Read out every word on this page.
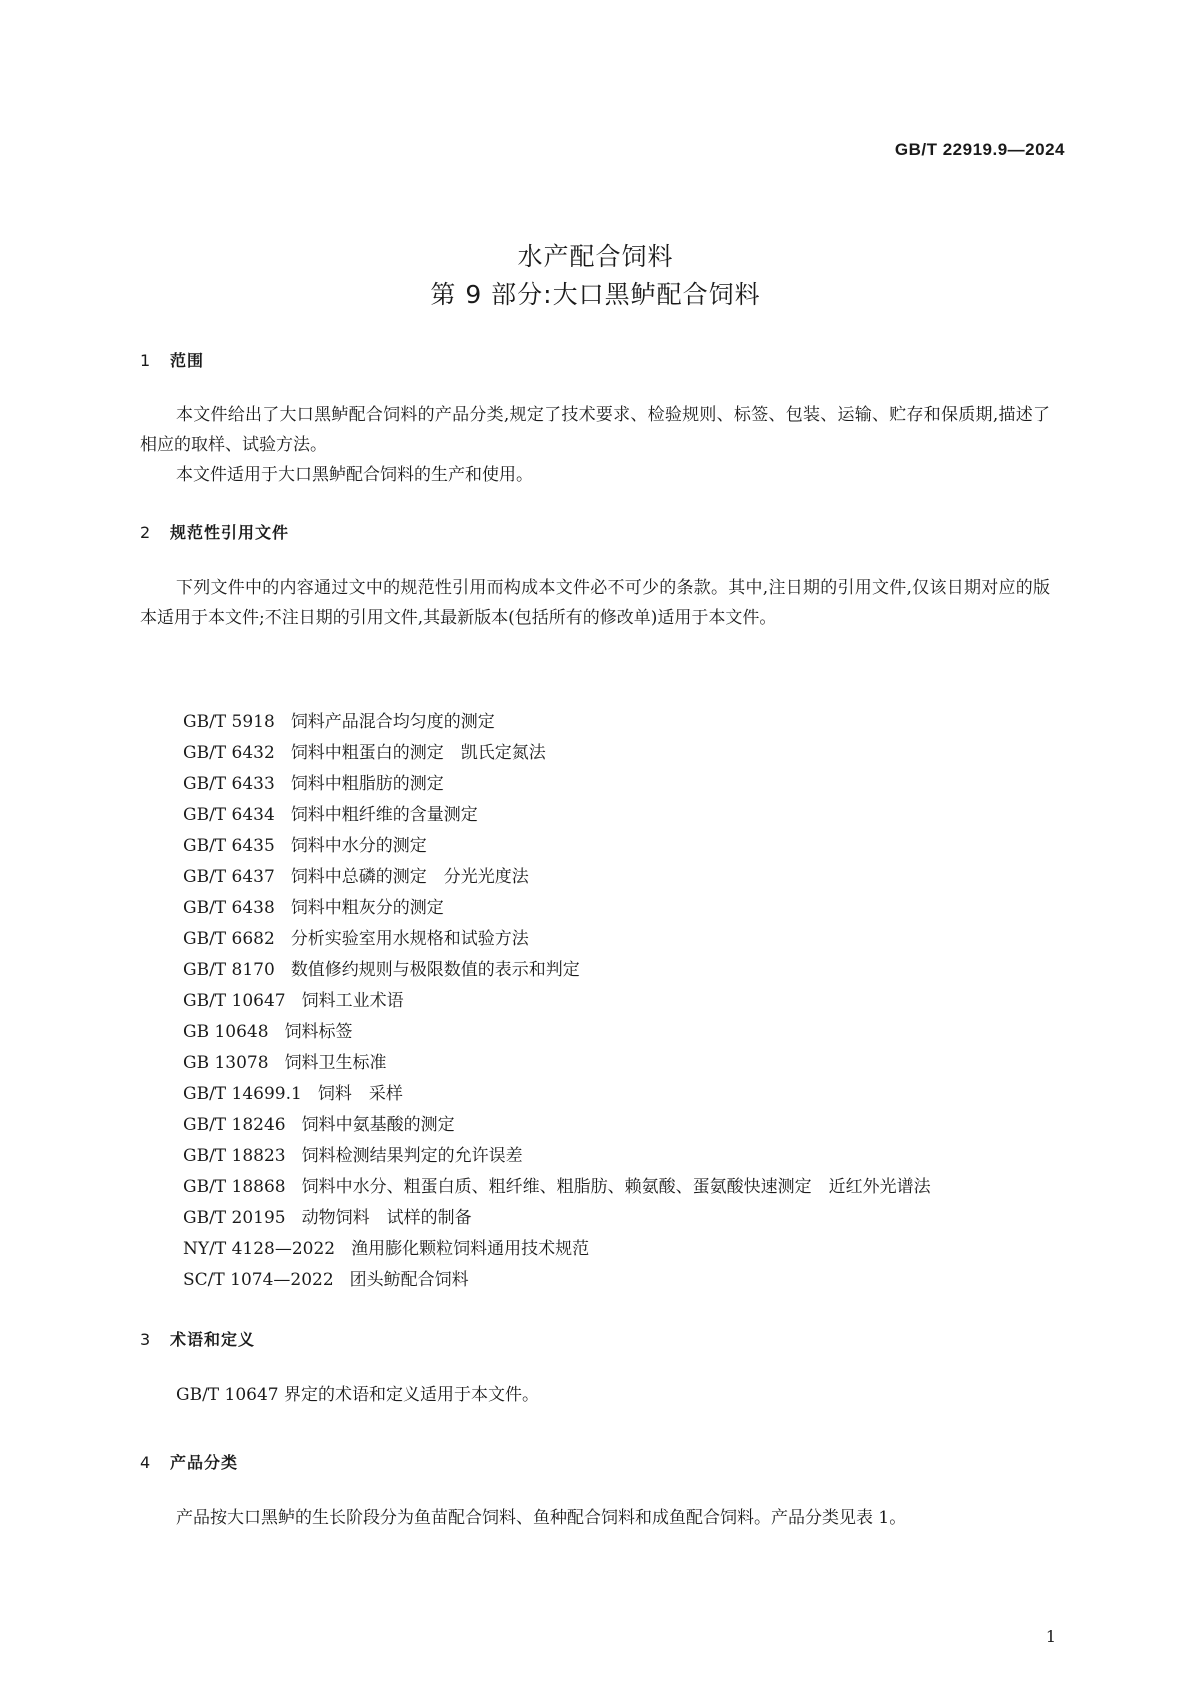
GB/T 22919.9—2024
水产配合饲料
第 9 部分:大口黑鲈配合饲料
1 范围

本文件给出了大口黑鲈配合饲料的产品分类,规定了技术要求、检验规则、标签、包装、运输、贮存和保质期,描述了相应的取样、试验方法。

本文件适用于大口黑鲈配合饲料的生产和使用。

2 规范性引用文件

下列文件中的内容通过文中的规范性引用而构成本文件必不可少的条款。其中,注日期的引用文件,仅该日期对应的版本适用于本文件;不注日期的引用文件,其最新版本(包括所有的修改单)适用于本文件。

GB/T 5918 饲料产品混合均匀度的测定
GB/T 6432 饲料中粗蛋白的测定　凯氏定氮法
GB/T 6433 饲料中粗脂肪的测定
GB/T 6434 饲料中粗纤维的含量测定
GB/T 6435 饲料中水分的测定
GB/T 6437 饲料中总磷的测定　分光光度法
GB/T 6438 饲料中粗灰分的测定
GB/T 6682 分析实验室用水规格和试验方法
GB/T 8170 数值修约规则与极限数值的表示和判定
GB/T 10647 饲料工业术语
GB 10648 饲料标签
GB 13078 饲料卫生标准
GB/T 14699.1 饲料　采样
GB/T 18246 饲料中氨基酸的测定
GB/T 18823 饲料检测结果判定的允许误差
GB/T 18868 饲料中水分、粗蛋白质、粗纤维、粗脂肪、赖氨酸、蛋氨酸快速测定　近红外光谱法
GB/T 20195 动物饲料　试样的制备
NY/T 4128—2022 渔用膨化颗粒饲料通用技术规范
SC/T 1074—2022 团头鲂配合饲料
3 术语和定义

GB/T 10647 界定的术语和定义适用于本文件。

4 产品分类

产品按大口黑鲈的生长阶段分为鱼苗配合饲料、鱼种配合饲料和成鱼配合饲料。产品分类见表 1。

1
